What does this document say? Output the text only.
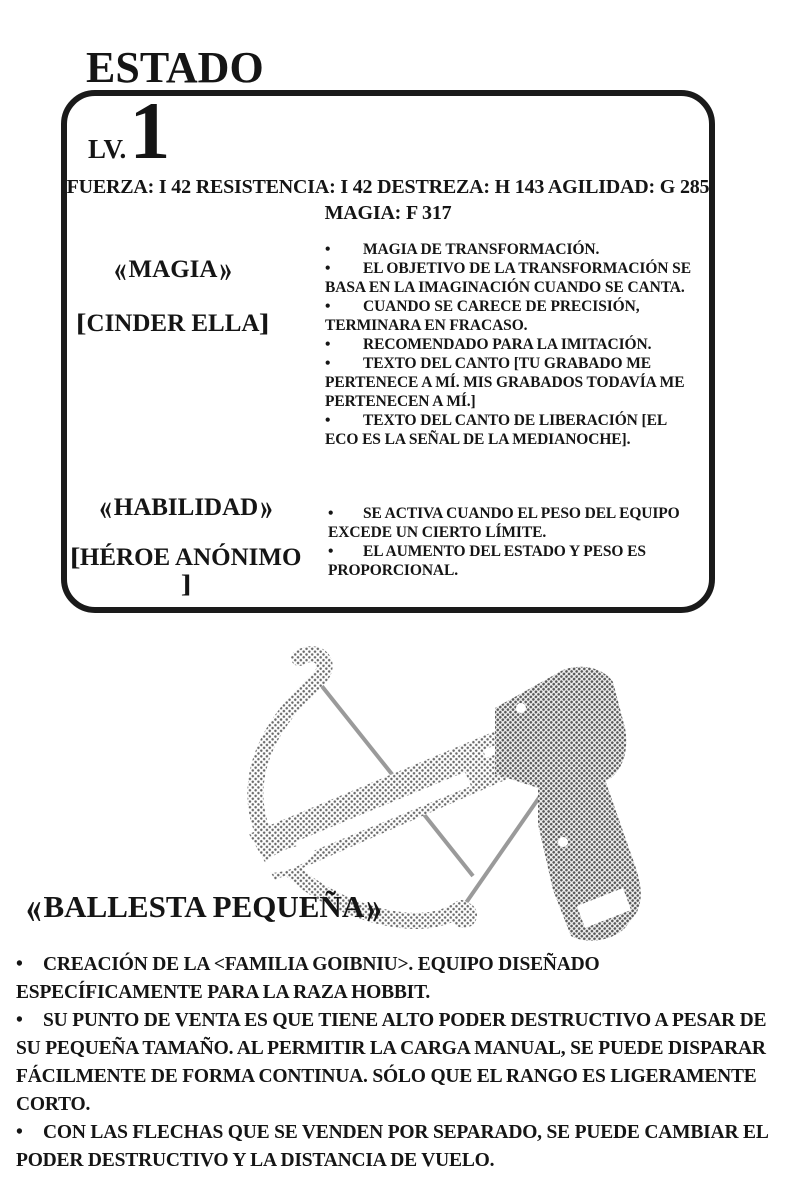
ESTADO
LV. 1
FUERZA: I 42 RESISTENCIA: I 42 DESTREZA: H 143 AGILIDAD: G 285
MAGIA: F 317
«MAGIA»
[CINDER ELLA]

• MAGIA DE TRANSFORMACIÓN.

• EL OBJETIVO DE LA TRANSFORMACIÓN SE BASA EN LA IMAGINACIÓN CUANDO SE CANTA.

• CUANDO SE CARECE DE PRECISIÓN, TERMINARA EN FRACASO.

• RECOMENDADO PARA LA IMITACIÓN.

• TEXTO DEL CANTO [TU GRABADO ME PERTENECE A MÍ. MIS GRABADOS TODAVÍA ME PERTENECEN A MÍ.]

• TEXTO DEL CANTO DE LIBERACIÓN [EL ECO ES LA SEÑAL DE LA MEDIANOCHE].

«HABILIDAD»
[HÉROE ANÓNIMO]

• SE ACTIVA CUANDO EL PESO DEL EQUIPO EXCEDE UN CIERTO LÍMITE.

• EL AUMENTO DEL ESTADO Y PESO ES PROPORCIONAL.

«BALLESTA PEQUEÑA»

• CREACIÓN DE LA <FAMILIA GOIBNIU>. EQUIPO DISEÑADO ESPECÍFICAMENTE PARA LA RAZA HOBBIT.

• SU PUNTO DE VENTA ES QUE TIENE ALTO PODER DESTRUCTIVO A PESAR DE SU PEQUEÑA TAMAÑO. AL PERMITIR LA CARGA MANUAL, SE PUEDE DISPARAR FÁCILMENTE DE FORMA CONTINUA. SÓLO QUE EL RANGO ES LIGERAMENTE CORTO.

• CON LAS FLECHAS QUE SE VENDEN POR SEPARADO, SE PUEDE CAMBIAR EL PODER DESTRUCTIVO Y LA DISTANCIA DE VUELO.
